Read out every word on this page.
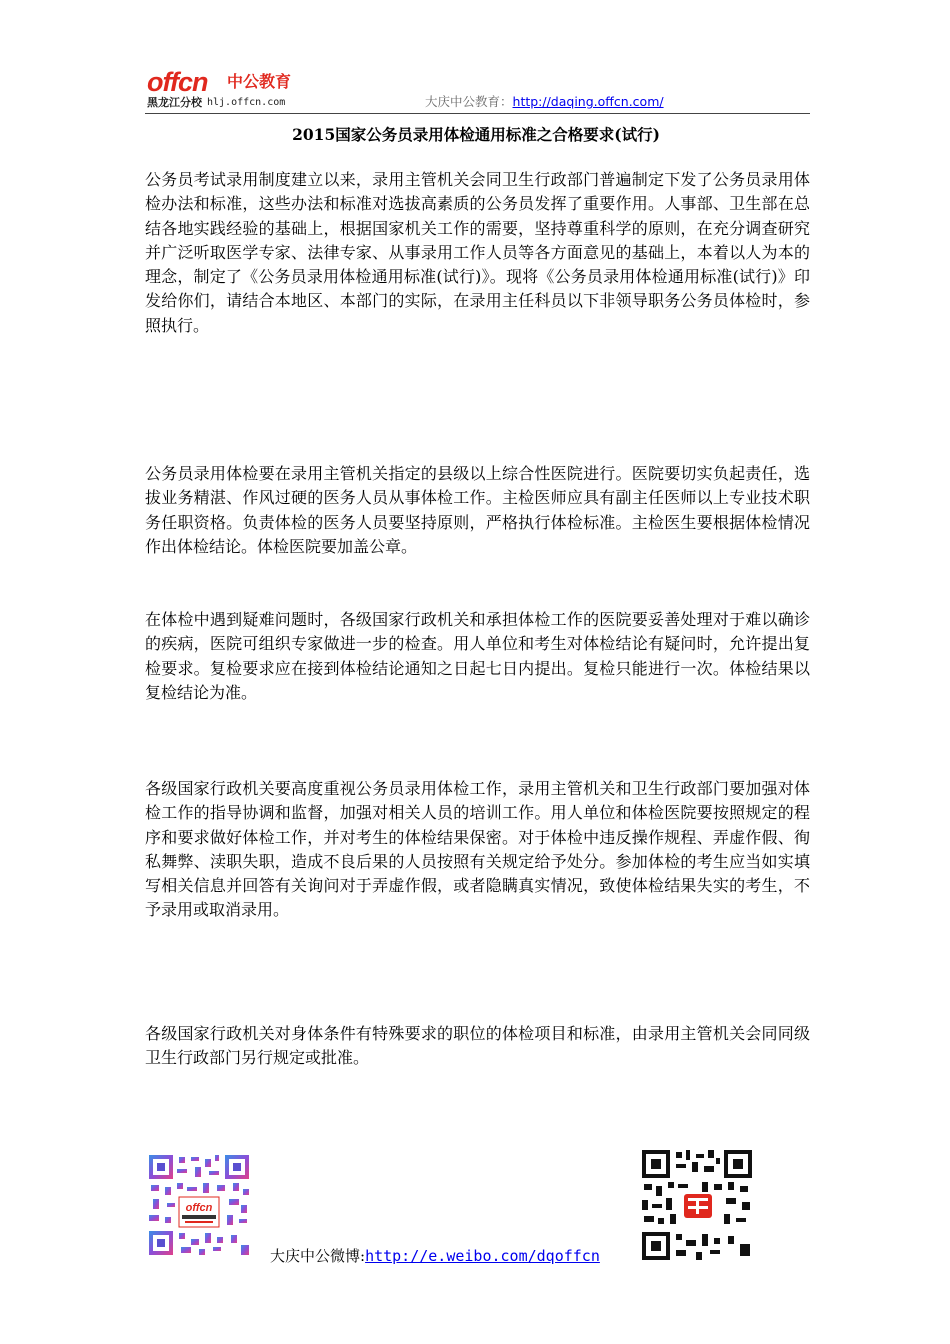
offcn 中公教育
黑龙江分校 hlj.offcn.com	大庆中公教育：http://daqing.offcn.com/
2015国家公务员录用体检通用标准之合格要求(试行)

公务员考试录用制度建立以来，录用主管机关会同卫生行政部门普遍制定下发了公务员录用体检办法和标准，这些办法和标准对选拔高素质的公务员发挥了重要作用。人事部、卫生部在总结各地实践经验的基础上，根据国家机关工作的需要，坚持尊重科学的原则，在充分调查研究并广泛听取医学专家、法律专家、从事录用工作人员等各方面意见的基础上，本着以人为本的理念，制定了《公务员录用体检通用标准(试行)》。现将《公务员录用体检通用标准(试行)》印发给你们，请结合本地区、本部门的实际，在录用主任科员以下非领导职务公务员体检时，参照执行。

公务员录用体检要在录用主管机关指定的县级以上综合性医院进行。医院要切实负起责任，选拔业务精湛、作风过硬的医务人员从事体检工作。主检医师应具有副主任医师以上专业技术职务任职资格。负责体检的医务人员要坚持原则，严格执行体检标准。主检医生要根据体检情况作出体检结论。体检医院要加盖公章。

在体检中遇到疑难问题时，各级国家行政机关和承担体检工作的医院要妥善处理对于难以确诊的疾病，医院可组织专家做进一步的检查。用人单位和考生对体检结论有疑问时，允许提出复检要求。复检要求应在接到体检结论通知之日起七日内提出。复检只能进行一次。体检结果以复检结论为准。

各级国家行政机关要高度重视公务员录用体检工作，录用主管机关和卫生行政部门要加强对体检工作的指导协调和监督，加强对相关人员的培训工作。用人单位和体检医院要按照规定的程序和要求做好体检工作，并对考生的体检结果保密。对于体检中违反操作规程、弄虚作假、徇私舞弊、渎职失职，造成不良后果的人员按照有关规定给予处分。参加体检的考生应当如实填写相关信息并回答有关询问对于弄虚作假，或者隐瞒真实情况，致使体检结果失实的考生，不予录用或取消录用。

各级国家行政机关对身体条件有特殊要求的职位的体检项目和标准，由录用主管机关会同同级卫生行政部门另行规定或批准。

offcn
大庆中公微博:http://e.weibo.com/dqoffcn
